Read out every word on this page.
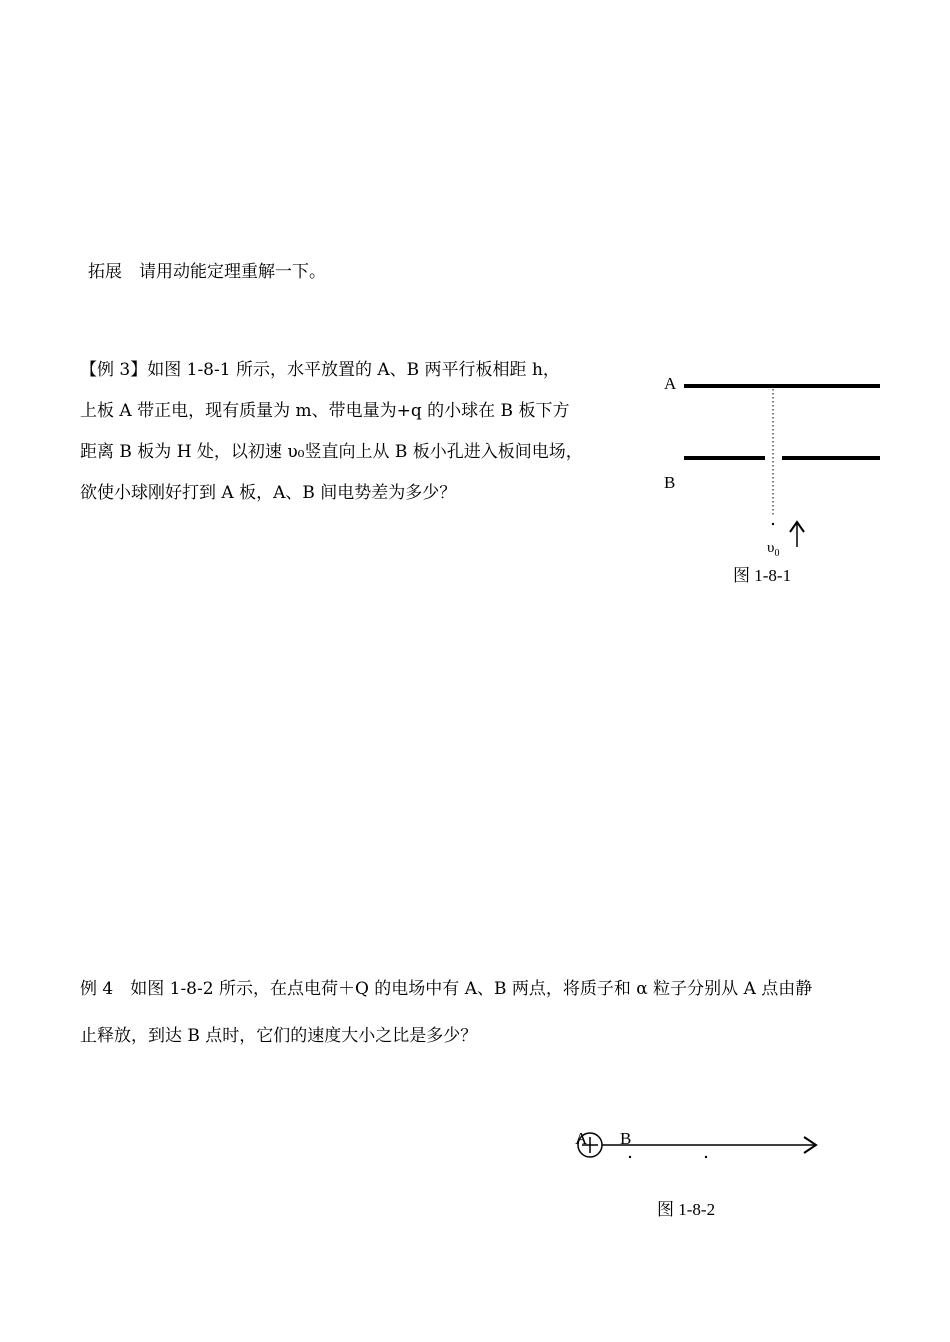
拓展　请用动能定理重解一下。
【例 3】如图 1-8-1 所示，水平放置的 A、B 两平行板相距 h，
上板 A 带正电，现有质量为 m、带电量为+q 的小球在 B 板下方
距离 B 板为 H 处，以初速 υ₀竖直向上从 B 板小孔进入板间电场，
欲使小球刚好打到 A 板，A、B 间电势差为多少？
A
B
$\upsilon_0$
图 1-8-1
例 4　如图 1-8-2 所示，在点电荷＋Q 的电场中有 A、B 两点，将质子和 α 粒子分别从 A 点由静
止释放，到达 B 点时，它们的速度大小之比是多少？
A B
图 1-8-2
